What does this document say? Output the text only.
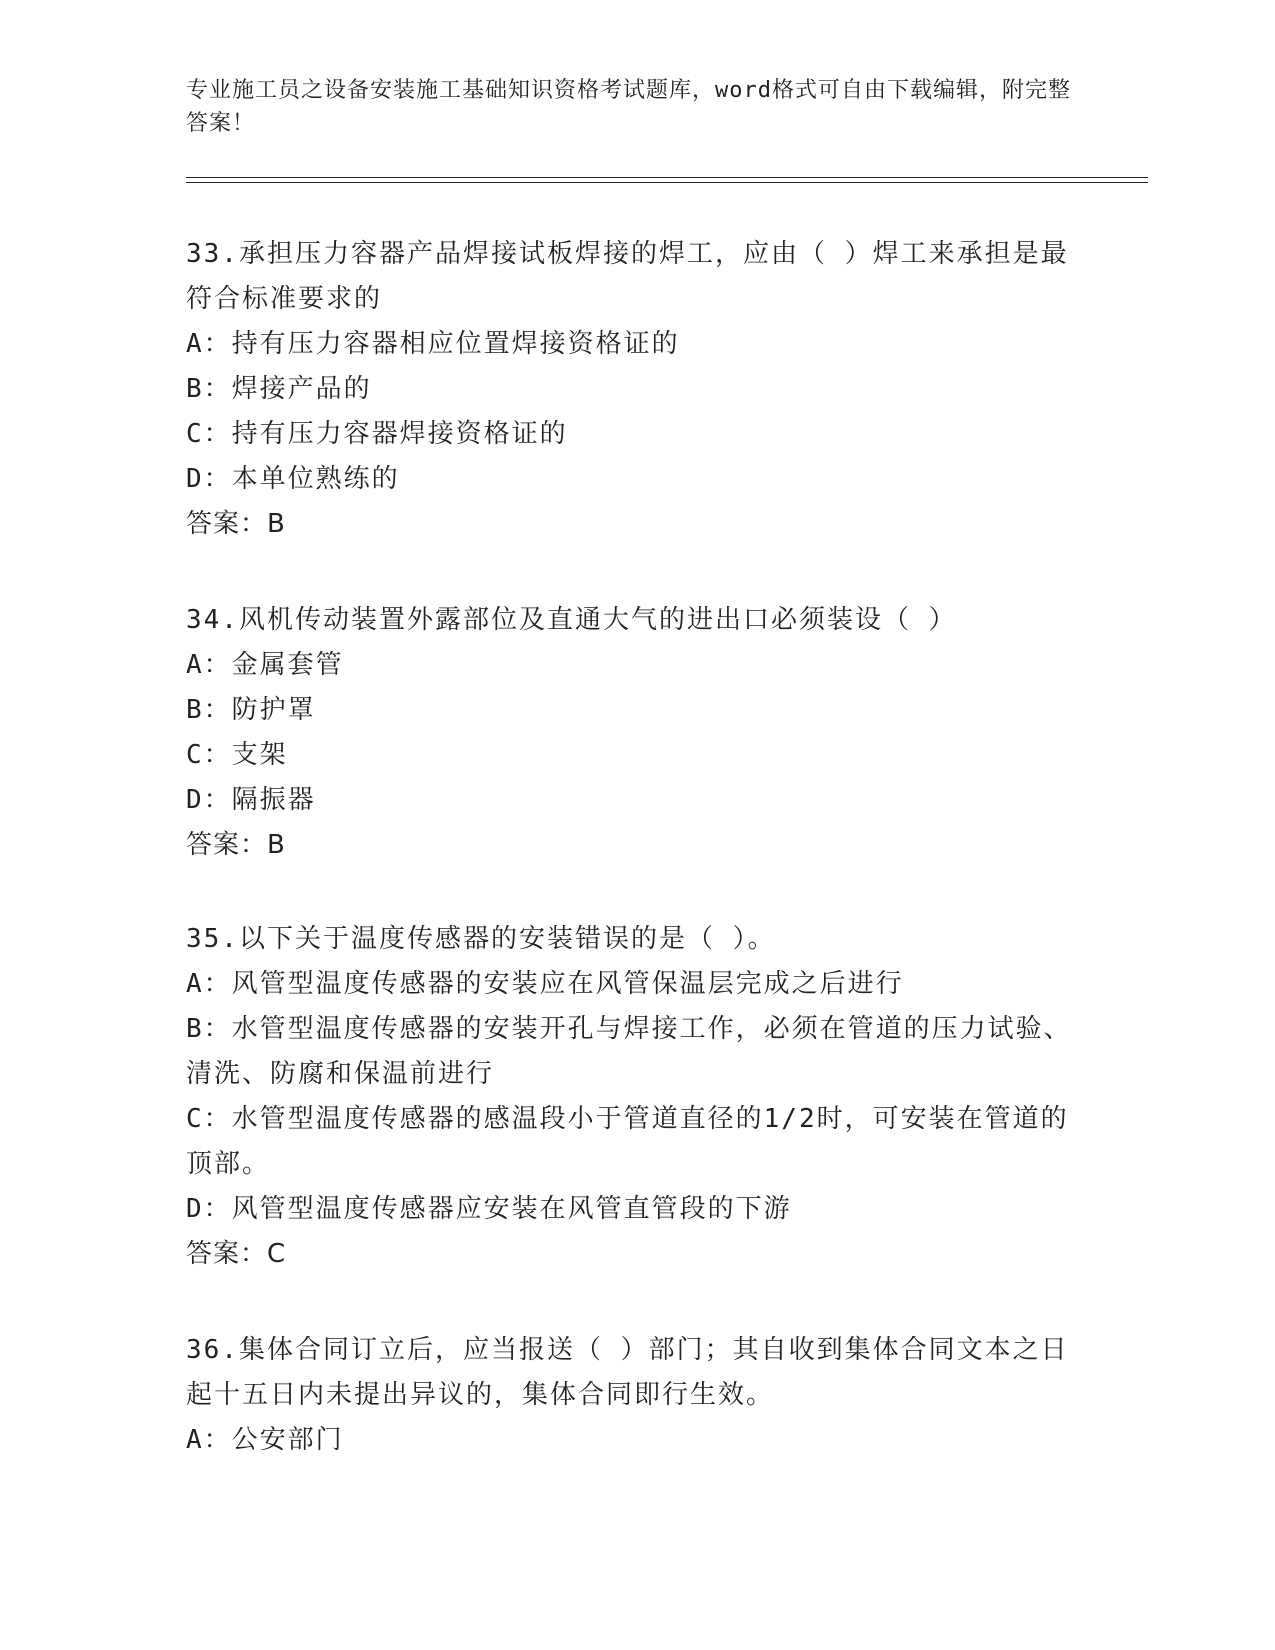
专业施工员之设备安装施工基础知识资格考试题库，word格式可自由下载编辑，附完整答案！
33.承担压力容器产品焊接试板焊接的焊工，应由（ ）焊工来承担是最符合标准要求的
A：持有压力容器相应位置焊接资格证的
B：焊接产品的
C：持有压力容器焊接资格证的
D：本单位熟练的
答案：B
34.风机传动装置外露部位及直通大气的进出口必须装设（ ）
A：金属套管
B：防护罩
C：支架
D：隔振器
答案：B
35.以下关于温度传感器的安装错误的是（ ）。
A：风管型温度传感器的安装应在风管保温层完成之后进行
B：水管型温度传感器的安装开孔与焊接工作，必须在管道的压力试验、清洗、防腐和保温前进行
C：水管型温度传感器的感温段小于管道直径的1/2时，可安装在管道的顶部。
D：风管型温度传感器应安装在风管直管段的下游
答案：C
36.集体合同订立后，应当报送（ ）部门；其自收到集体合同文本之日起十五日内未提出异议的，集体合同即行生效。
A：公安部门
